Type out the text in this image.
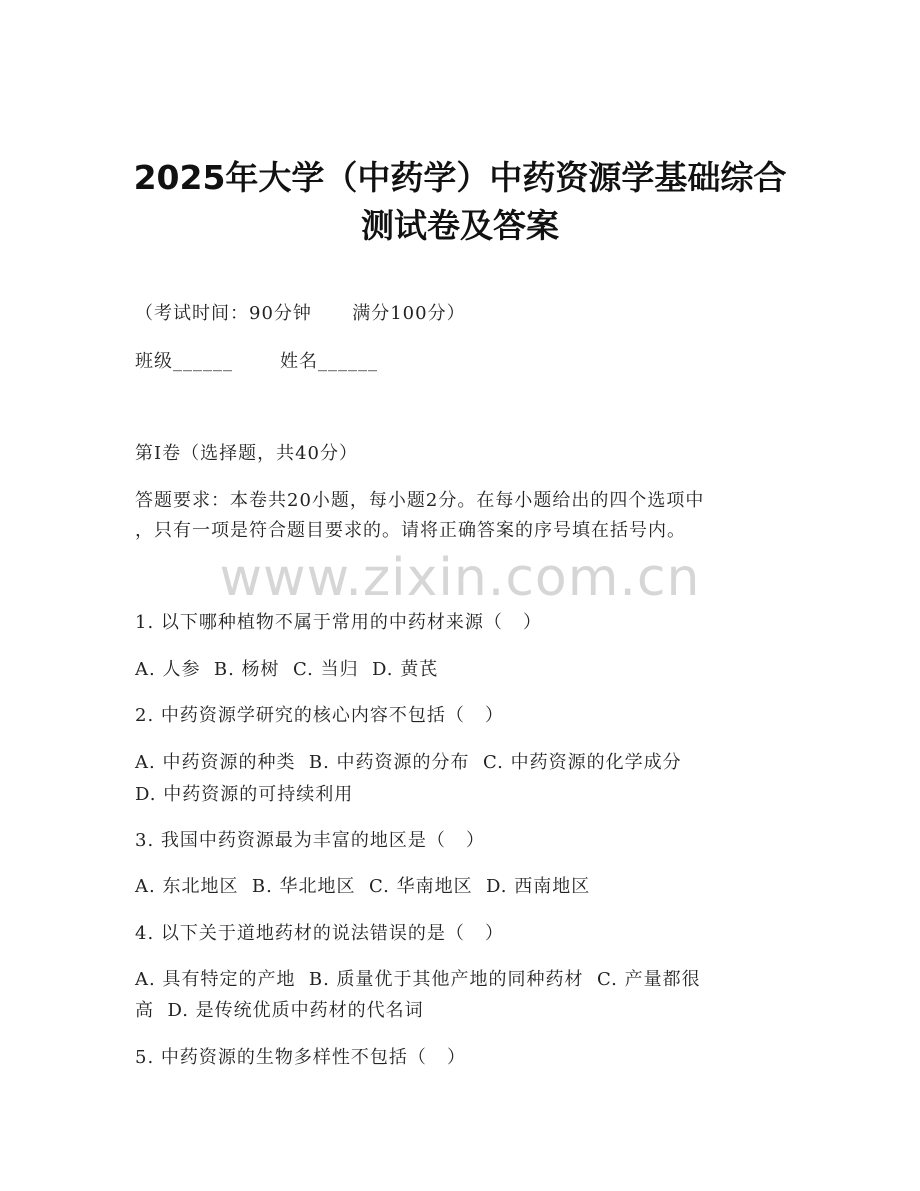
2025年大学（中药学）中药资源学基础综合
测试卷及答案
（考试时间：90分钟      满分100分）
班级______       姓名______
第I卷（选择题，共40分）
答题要求：本卷共20小题，每小题2分。在每小题给出的四个选项中
，只有一项是符合题目要求的。请将正确答案的序号填在括号内。
www.zixin.com.cn
1. 以下哪种植物不属于常用的中药材来源（   ）
A. 人参  B. 杨树  C. 当归  D. 黄芪
2. 中药资源学研究的核心内容不包括（   ）
A. 中药资源的种类  B. 中药资源的分布  C. 中药资源的化学成分
D. 中药资源的可持续利用
3. 我国中药资源最为丰富的地区是（   ）
A. 东北地区  B. 华北地区  C. 华南地区  D. 西南地区
4. 以下关于道地药材的说法错误的是（   ）
A. 具有特定的产地  B. 质量优于其他产地的同种药材  C. 产量都很
高  D. 是传统优质中药材的代名词
5. 中药资源的生物多样性不包括（   ）
